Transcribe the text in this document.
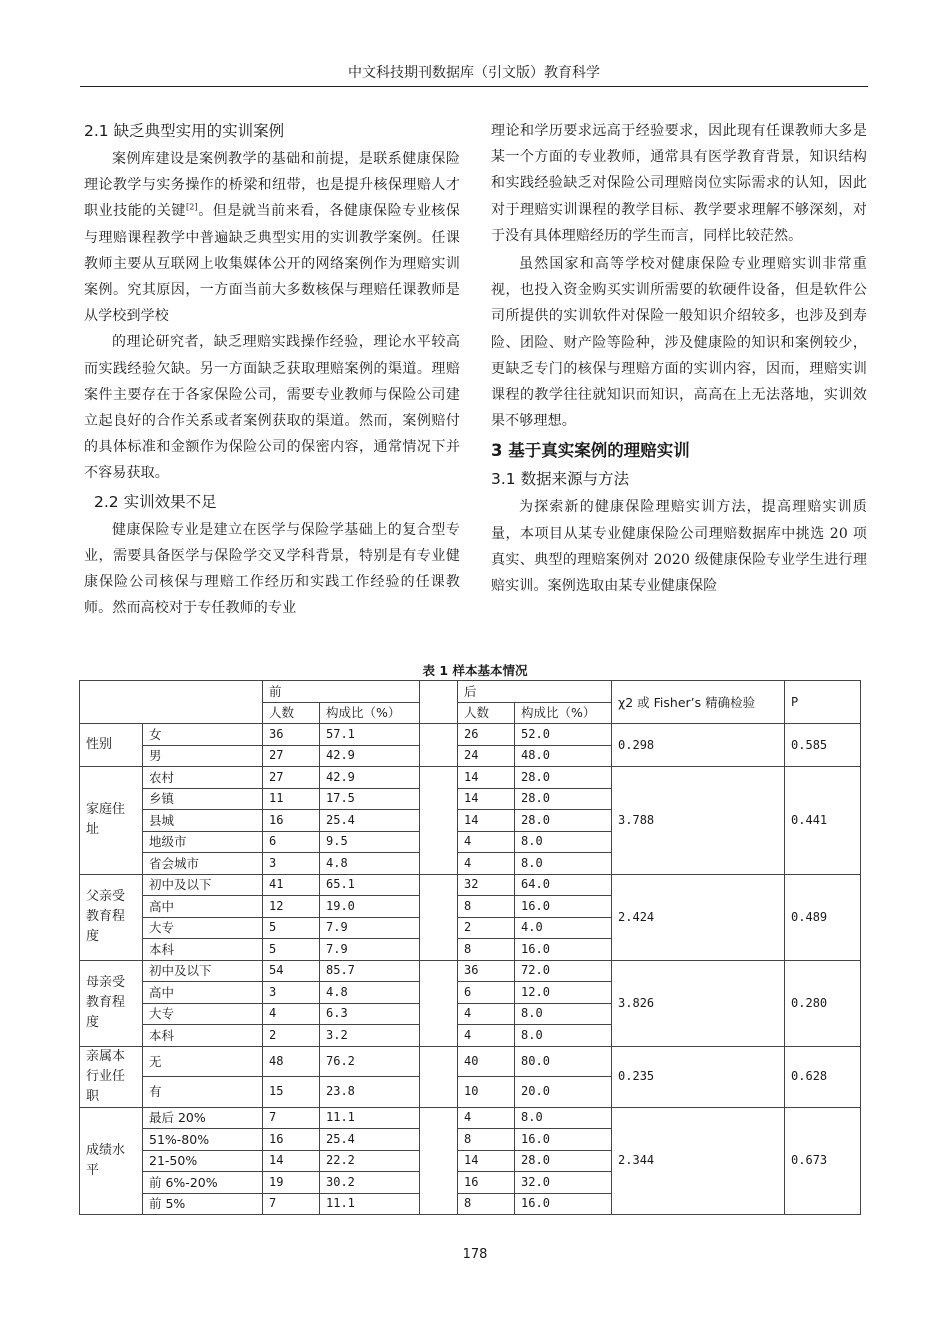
中文科技期刊数据库（引文版）教育科学
2.1 缺乏典型实用的实训案例

案例库建设是案例教学的基础和前提，是联系健康保险理论教学与实务操作的桥梁和纽带，也是提升核保理赔人才职业技能的关键[2]。但是就当前来看，各健康保险专业核保与理赔课程教学中普遍缺乏典型实用的实训教学案例。任课教师主要从互联网上收集媒体公开的网络案例作为理赔实训案例。究其原因，一方面当前大多数核保与理赔任课教师是从学校到学校

的理论研究者，缺乏理赔实践操作经验，理论水平较高而实践经验欠缺。另一方面缺乏获取理赔案例的渠道。理赔案件主要存在于各家保险公司，需要专业教师与保险公司建立起良好的合作关系或者案例获取的渠道。然而，案例赔付的具体标准和金额作为保险公司的保密内容，通常情况下并不容易获取。

2.2 实训效果不足

健康保险专业是建立在医学与保险学基础上的复合型专业，需要具备医学与保险学交叉学科背景，特别是有专业健康保险公司核保与理赔工作经历和实践工作经验的任课教师。然而高校对于专任教师的专业

理论和学历要求远高于经验要求，因此现有任课教师大多是某一个方面的专业教师，通常具有医学教育背景，知识结构和实践经验缺乏对保险公司理赔岗位实际需求的认知，因此对于理赔实训课程的教学目标、教学要求理解不够深刻，对于没有具体理赔经历的学生而言，同样比较茫然。

虽然国家和高等学校对健康保险专业理赔实训非常重视，也投入资金购买实训所需要的软硬件设备，但是软件公司所提供的实训软件对保险一般知识介绍较多，也涉及到寿险、团险、财产险等险种，涉及健康险的知识和案例较少，更缺乏专门的核保与理赔方面的实训内容，因而，理赔实训课程的教学往往就知识而知识，高高在上无法落地，实训效果不够理想。

3 基于真实案例的理赔实训
3.1 数据来源与方法

为探索新的健康保险理赔实训方法，提高理赔实训质量，本项目从某专业健康保险公司理赔数据库中挑选 20 项真实、典型的理赔案例对 2020 级健康保险专业学生进行理赔实训。案例选取由某专业健康保险

表 1 样本基本情况
		前			后		χ2 或 Fisher’s 精确检验	P
		人数	构成比（%）		人数	构成比（%）		
性别	女	36	57.1		26	52.0	0.298	0.585
	男	27	42.9		24	48.0		
家庭住址	农村	27	42.9		14	28.0	3.788	0.441
	乡镇	11	17.5		14	28.0		
	县城	16	25.4		14	28.0		
	地级市	6	9.5		4	8.0		
	省会城市	3	4.8		4	8.0		
父亲受教育程度	初中及以下	41	65.1		32	64.0	2.424	0.489
	高中	12	19.0		8	16.0		
	大专	5	7.9		2	4.0		
	本科	5	7.9		8	16.0		
母亲受教育程度	初中及以下	54	85.7		36	72.0	3.826	0.280
	高中	3	4.8		6	12.0		
	大专	4	6.3		4	8.0		
	本科	2	3.2		4	8.0		
亲属本行业任职	无	48	76.2		40	80.0	0.235	0.628
	有	15	23.8		10	20.0		
成绩水平	最后 20%	7	11.1		4	8.0	2.344	0.673
	51%-80%	16	25.4		8	16.0		
	21-50%	14	22.2		14	28.0		
	前 6%-20%	19	30.2		16	32.0		
	前 5%	7	11.1		8	16.0		
178
